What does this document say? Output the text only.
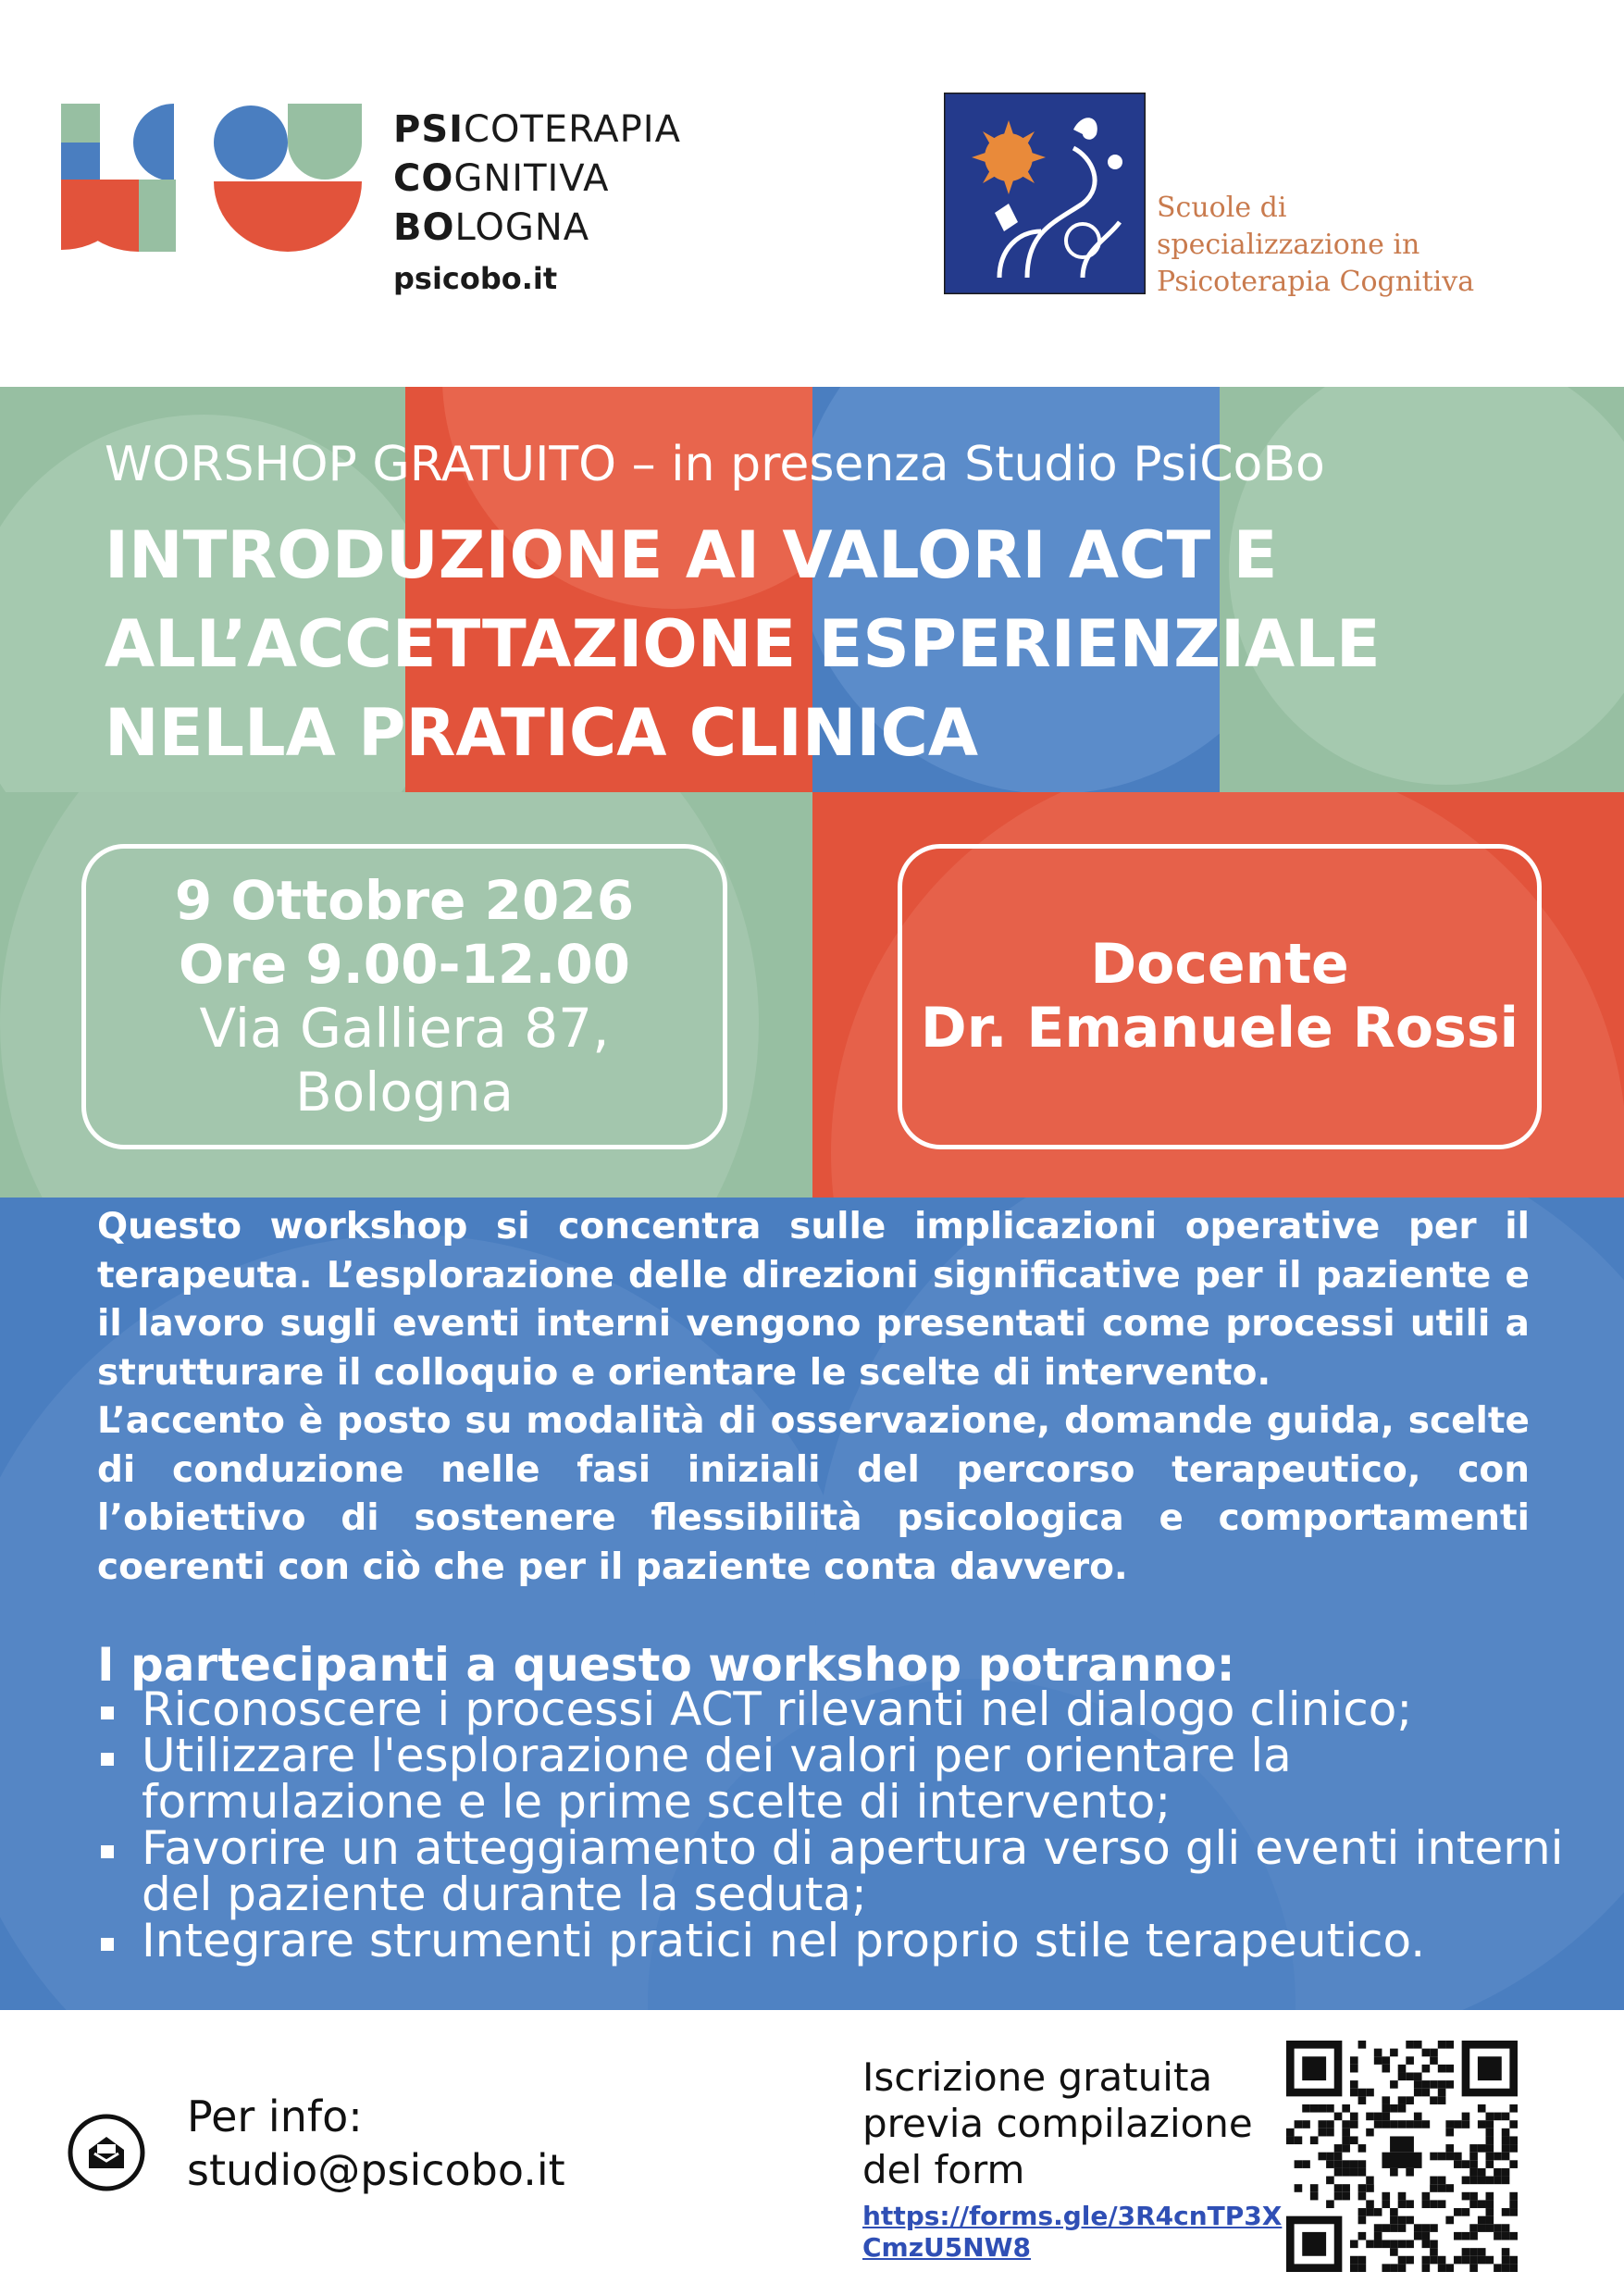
PSICOTERAPIA
COGNITIVA
BOLOGNA
psicobo.it
Scuole di
specializzazione in
Psicoterapia Cognitiva
WORSHOP GRATUITO – in presenza Studio PsiCoBo
INTRODUZIONE AI VALORI ACT E
ALL’ACCETTAZIONE ESPERIENZIALE
NELLA PRATICA CLINICA
9 Ottobre 2026
Ore 9.00-12.00
Via Galliera 87,
Bologna
Docente
Dr. Emanuele Rossi

Questo workshop si concentra sulle implicazioni operative per il terapeuta. L’esplorazione delle direzioni significative per il paziente e il lavoro sugli eventi interni vengono presentati come processi utili a strutturare il colloquio e orientare le scelte di intervento.

L’accento è posto su modalità di osservazione, domande guida, scelte di conduzione nelle fasi iniziali del percorso terapeutico, con l’obiettivo di sostenere flessibilità psicologica e comportamenti coerenti con ciò che per il paziente conta davvero.

I partecipanti a questo workshop potranno:
Riconoscere i processi ACT rilevanti nel dialogo clinico;
Utilizzare l'esplorazione dei valori per orientare la formulazione e le prime scelte di intervento;
Favorire un atteggiamento di apertura verso gli eventi interni del paziente durante la seduta;
Integrare strumenti pratici nel proprio stile terapeutico.
Per info:
studio@psicobo.it
Iscrizione gratuita
previa compilazione
del form
https://forms.gle/3R4cnTP3X
CmzU5NW8
